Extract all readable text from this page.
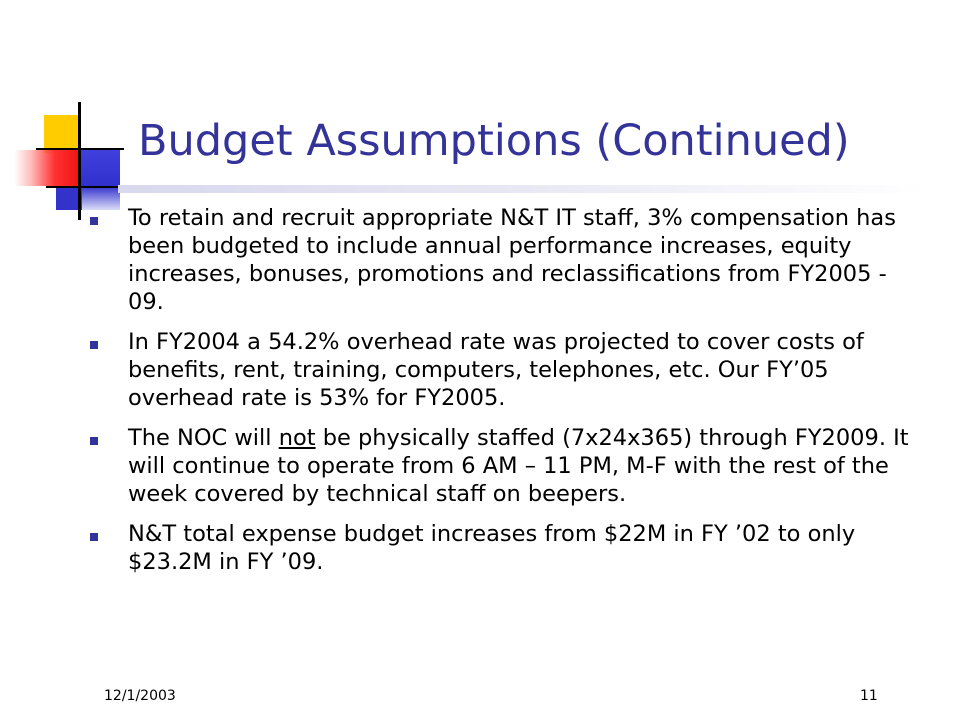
Budget Assumptions (Continued)
To retain and recruit appropriate N&T IT staff, 3% compensation has been budgeted to include annual performance increases, equity increases, bonuses, promotions and reclassifications from FY2005 - 09.
In FY2004 a 54.2% overhead rate was projected to cover costs of benefits, rent, training, computers, telephones, etc. Our FY’05 overhead rate is 53% for FY2005.
The NOC will not be physically staffed (7x24x365) through FY2009. It will continue to operate from 6 AM – 11 PM, M-F with the rest of the week covered by technical staff on beepers.
N&T total expense budget increases from $22M in FY ’02 to only $23.2M in FY ’09.
12/1/2003	11
